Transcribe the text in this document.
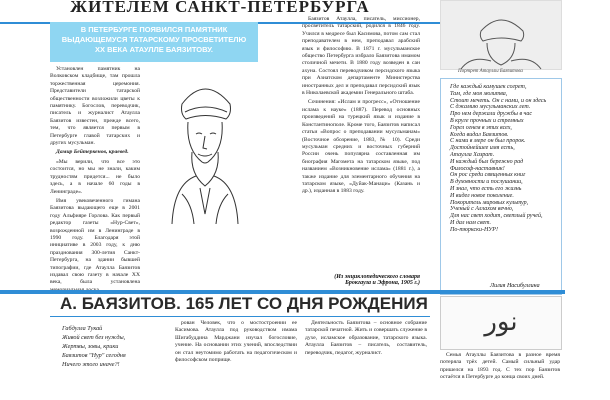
ЖИТЕЛЕМ САНКТ-ПЕТЕРБУРГА
В ПЕТЕРБУРГЕ ПОЯВИЛСЯ ПАМЯТНИК
ВЫДАЮЩЕМУСЯ ТАТАРСКОМУ ПРОСВЕТИТЕЛЮ
XX ВЕКА АТАУЛЛЕ БАЯЗИТОВУ.

Установлен памятник на Волковском кладбище, там прошла торжественная церемония. Представители татарской общественности возложили цветы к памятнику. Богослов, переводчик, писатель и журналист Атаулла Баязитов известен, прежде всего, тем, что является первым в Петербурге главой татарских и других мусульман.

Дамир Бейтеркенов, краевед.

«Мы верили, что все это состоится, но мы не знали, каким трудностям придется... не было здесь, а в начале 60 годы в Ленинграде».

Имя увековеченного гимана Баязитова выдающего еще в 2001 году Альфияре Горлова. Как первый редактор газеты «Нур-Свет», возрожденной им в Ленинграде в 1990 году. Благодаря этой инициативе в 2003 году, к дню празднования 300-летия Санкт-Петербурга, на здании бывшей типографии, где Атаулла Баязитов издавал свою газету в начале XX века, была установлена

Баязитов Атаулла, писатель, миссионер, просветитель татарский, родился в 1846 году. Учился в медресе был Касимова, потом сам стал преподавателем в нем, преподавал арабский язык и философию. В 1871 г. мусульманское общество Петербурга избрало Баязитова имамом столичной мечети. В 1880 году возведен в сан ахуна. Состоял переводчиком персидского языка при Азиатском департаменте Министерства иностранных дел и преподавал персидский язык в Николаевской академии Генерального штаба.

Сочинения: «Ислам и прогресс», «Отношение ислама к науке» (1887). Перевод основных произведений на турецкий язык и издание в Константинополе. Кроме того, Баязитов написал статьи «Вопрос о преподавании мусульманам» (Восточное обозрение, 1883, № 10). Среди мусульман средних и восточных губерний России очень популярна составленная им биография Магомета на татарском языке, под названием «Возникновение ислама» (1881 г.), а также издание для элементарного обучения на татарском языке, «Дуйак-Манаци» (Казань и др.), изданная в 1883 году.

(Из энциклопедического словаря Брокгауза и Эфрона, 1905 г.)
Портрет Атауллы Баязитова
Где каждый камушек согрет,
Там, где моя молитва,
Стоит мечеть. Он с нами, и он здесь
С джамию мусульманских лет.
Про нем держали дружбы в час
В круге прочных и стремных
Горел огнем в этих всех,
Когда видал Баязитов.
С нами в мере он был пророк.
Достойнейшее имя есть,
Атаулла Хазрат.
И каждый был бережно рад
Философ-наставник!
Он рос среди священных книг
В духовности и послушании,
И знал, что есть его жизнь
И видел новое поколение.
Покоритель мировых культур,
Ученый с Аллахом вечно,
Для нас свет ходит, светлый ручей,
И дал нам свет.
По-тюркски-НУР!
Лилия Насибуллина
А. БАЯЗИТОВ. 165 ЛЕТ СО ДНЯ РОЖДЕНИЯ
Габдулла Тукай
Живой свет без нужды,
Жертвы, зовы, крики
Баязитов "Нур" сегодня
Ничего этого иначе?!

рован Человек, что о мостостроении ее Касимова. Атаулла под руководством имама Шигабуддина Марджани изучал богословие, учение. На основании этих учений, впоследствии он стал неутомимо работать на педагогическом и философском поприще.

Деятельность Баязитова – основное собрание татарской печатной. Жить и совершать служение в духе, исламское образование, татарского языка. Атаулла Баязитов – писатель, составитель, переводчик, педагог, журналист.

نور

Семья Атауллы Баязитова в разное время потеряла трёх детей. Самый сильный удар пришелся на 1893 год. С тех пор Баязитов остаётся в Петербурге до конца своих дней.
